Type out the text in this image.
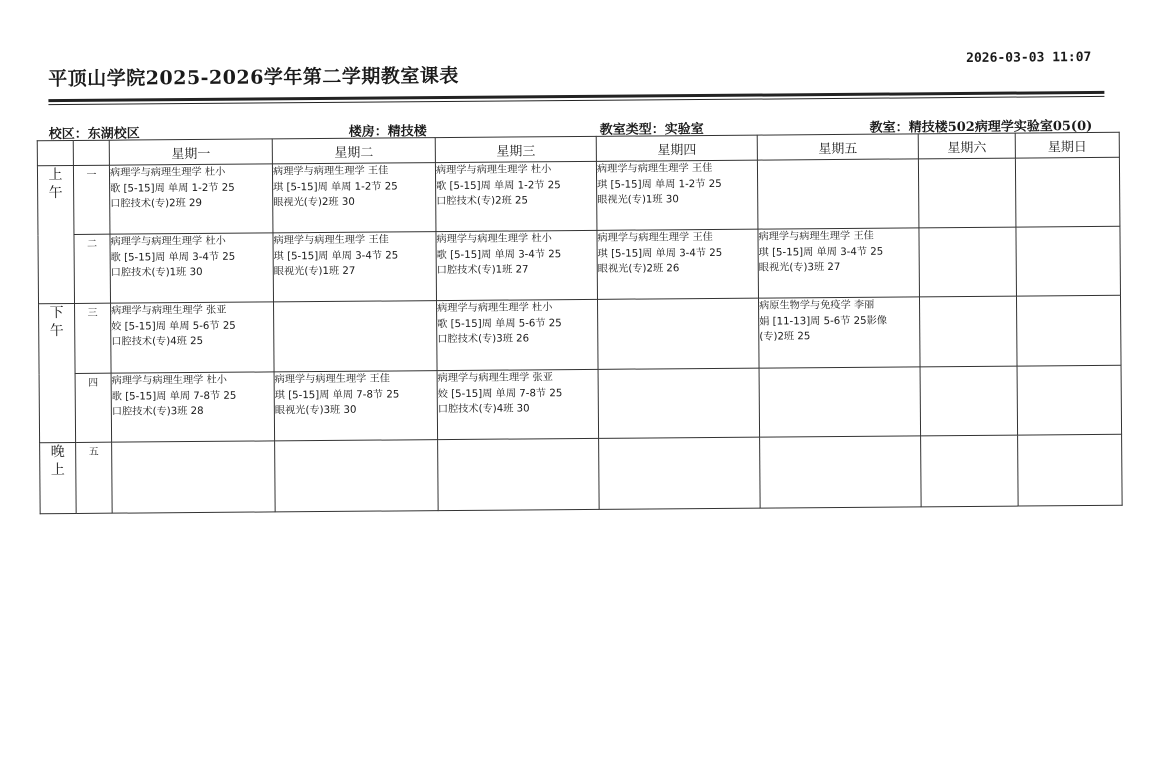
平顶山学院2025-2026学年第二学期教室课表
2026-03-03 11:07
校区：东湖校区	楼房：精技楼	教室类型：实验室	教室：精技楼502病理学实验室05(0)
		星期一	星期二	星期三	星期四	星期五	星期六	星期日

上
午	一	病理学与病理生理学 杜小
歌 [5-15]周 单周 1-2节 25
口腔技术(专)2班 29	病理学与病理生理学 王佳
琪 [5-15]周 单周 1-2节 25
眼视光(专)2班 30	病理学与病理生理学 杜小
歌 [5-15]周 单周 1-2节 25
口腔技术(专)2班 25	病理学与病理生理学 王佳
琪 [5-15]周 单周 1-2节 25
眼视光(专)1班 30			

	二	病理学与病理生理学 杜小
歌 [5-15]周 单周 3-4节 25
口腔技术(专)1班 30	病理学与病理生理学 王佳
琪 [5-15]周 单周 3-4节 25
眼视光(专)1班 27	病理学与病理生理学 杜小
歌 [5-15]周 单周 3-4节 25
口腔技术(专)1班 27	病理学与病理生理学 王佳
琪 [5-15]周 单周 3-4节 25
眼视光(专)2班 26	病理学与病理生理学 王佳
琪 [5-15]周 单周 3-4节 25
眼视光(专)3班 27		

下
午	三	病理学与病理生理学 张亚
姣 [5-15]周 单周 5-6节 25
口腔技术(专)4班 25		病理学与病理生理学 杜小
歌 [5-15]周 单周 5-6节 25
口腔技术(专)3班 26		病原生物学与免疫学 李丽
娟 [11-13]周 5-6节 25影像
(专)2班 25		

	四	病理学与病理生理学 杜小
歌 [5-15]周 单周 7-8节 25
口腔技术(专)3班 28	病理学与病理生理学 王佳
琪 [5-15]周 单周 7-8节 25
眼视光(专)3班 30	病理学与病理生理学 张亚
姣 [5-15]周 单周 7-8节 25
口腔技术(专)4班 30				

晚
上	五							
